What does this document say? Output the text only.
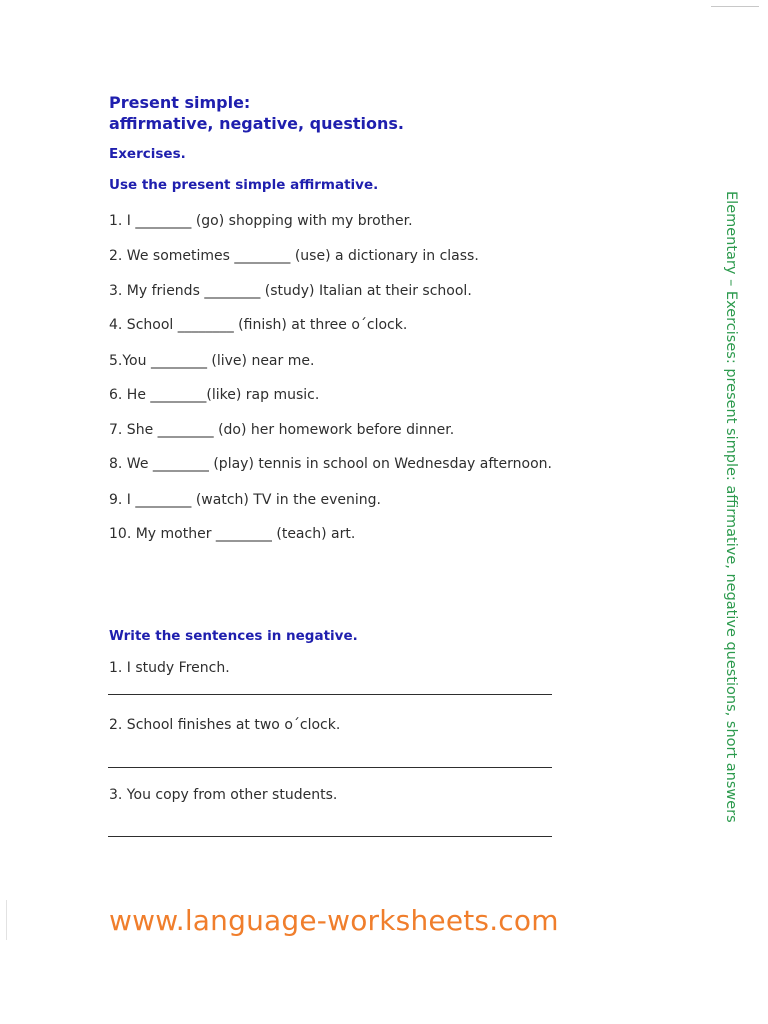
Present simple:
affirmative, negative, questions.

Exercises.

Use the present simple affirmative.

1. I ________ (go) shopping with my brother.

2. We sometimes ________ (use) a dictionary in class.

3. My friends ________ (study) Italian at their school.

4. School ________ (finish) at three o´clock.

5.You ________ (live) near me.

6. He ________(like) rap music.

7. She ________ (do) her homework before dinner.

8. We ________ (play) tennis in school on Wednesday afternoon.

9. I ________ (watch) TV in the evening.

10. My mother ________ (teach) art.

Write the sentences in negative.

1. I study French.

2. School finishes at two o´clock.

3. You copy from other students.	Elementary – Exercises: present simple: affirmative, negative questions, short answers

www.language-worksheets.com
